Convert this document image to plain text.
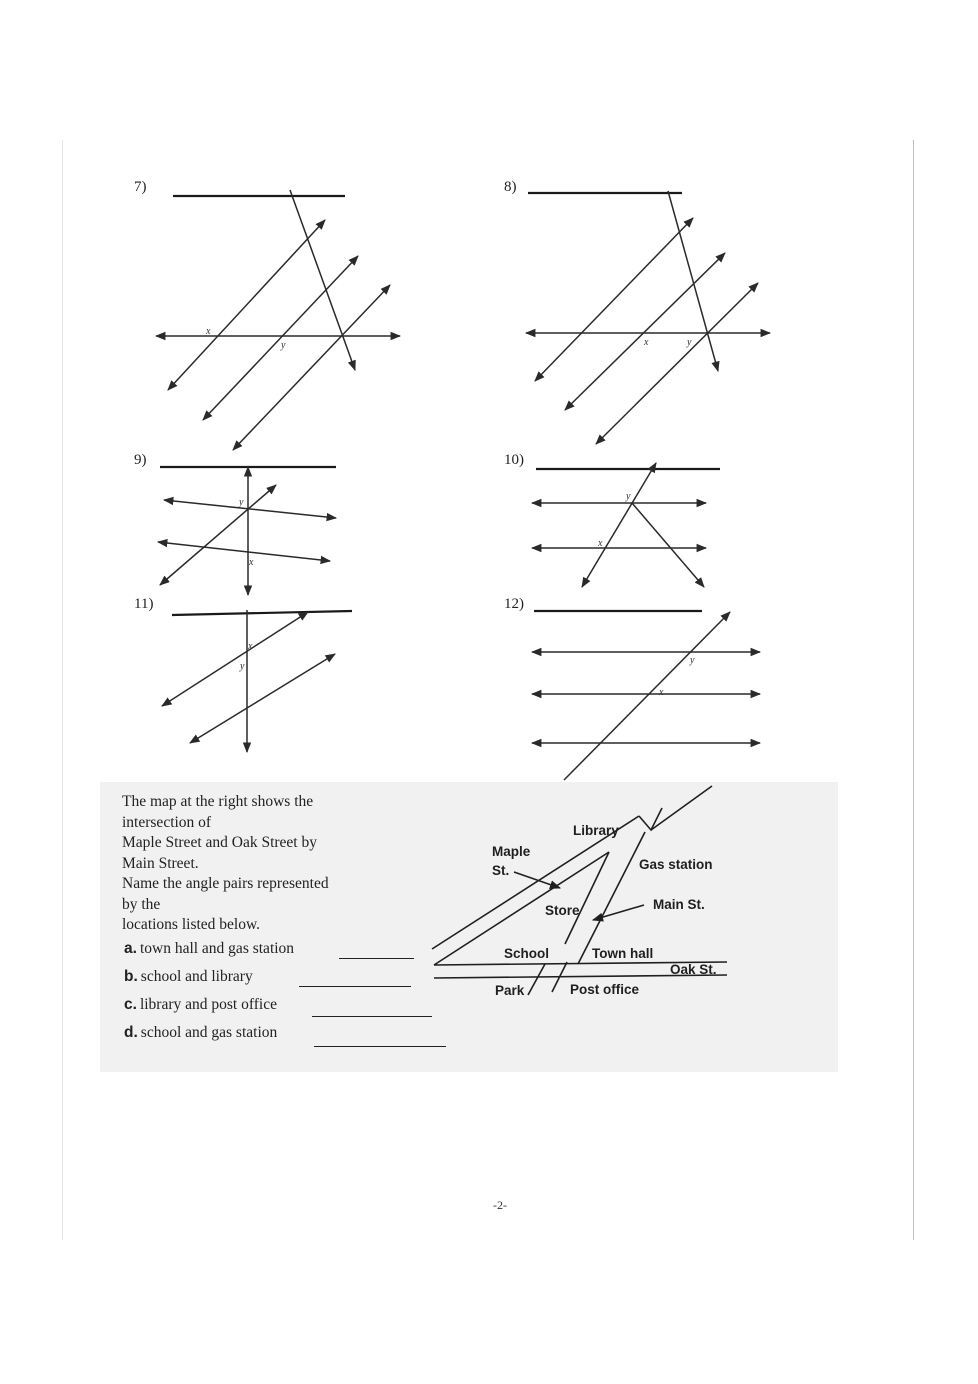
7)
x
y
8)
x	y
9)
y
x
10)
y
x
11)
x
y
12)
y
x
The map at the right shows the
intersection of
Maple Street and Oak Street by
Main Street.
Name the angle pairs represented
by the
locations listed below.
a. town hall and gas station
b. school and library
c. library and post office
d. school and gas station
Library
Maple
St.	Gas station
Store	Main St.
School	Town hall
Oak St.
Park	Post office
-2-
